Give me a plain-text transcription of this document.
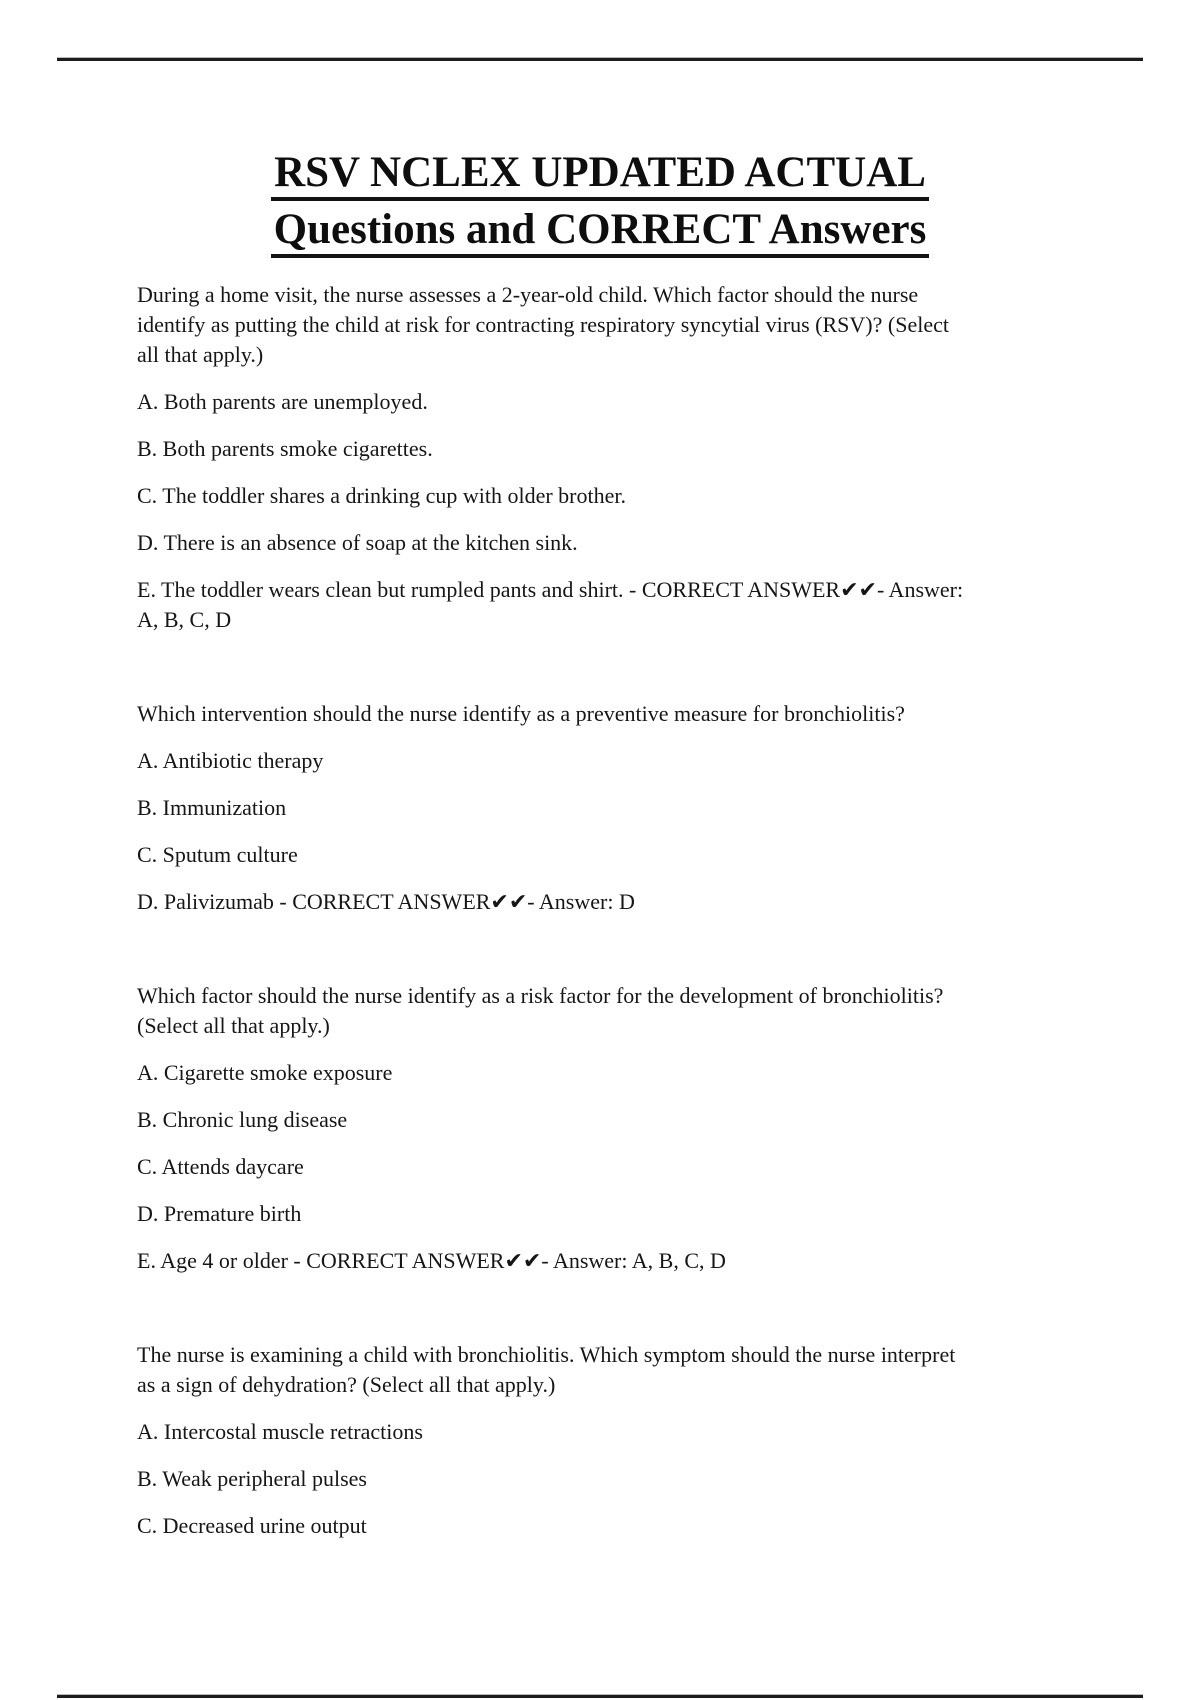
RSV NCLEX UPDATED ACTUAL
Questions and CORRECT Answers

During a home visit, the nurse assesses a 2-year-old child. Which factor should the nurse
identify as putting the child at risk for contracting respiratory syncytial virus (RSV)? (Select
all that apply.)

A. Both parents are unemployed.

B. Both parents smoke cigarettes.

C. The toddler shares a drinking cup with older brother.

D. There is an absence of soap at the kitchen sink.

E. The toddler wears clean but rumpled pants and shirt. - CORRECT ANSWER✔✔- Answer:
A, B, C, D

Which intervention should the nurse identify as a preventive measure for bronchiolitis?

A. Antibiotic therapy

B. Immunization

C. Sputum culture

D. Palivizumab - CORRECT ANSWER✔✔- Answer: D

Which factor should the nurse identify as a risk factor for the development of bronchiolitis?
(Select all that apply.)

A. Cigarette smoke exposure

B. Chronic lung disease

C. Attends daycare

D. Premature birth

E. Age 4 or older - CORRECT ANSWER✔✔- Answer: A, B, C, D

The nurse is examining a child with bronchiolitis. Which symptom should the nurse interpret
as a sign of dehydration? (Select all that apply.)

A. Intercostal muscle retractions

B. Weak peripheral pulses

C. Decreased urine output
